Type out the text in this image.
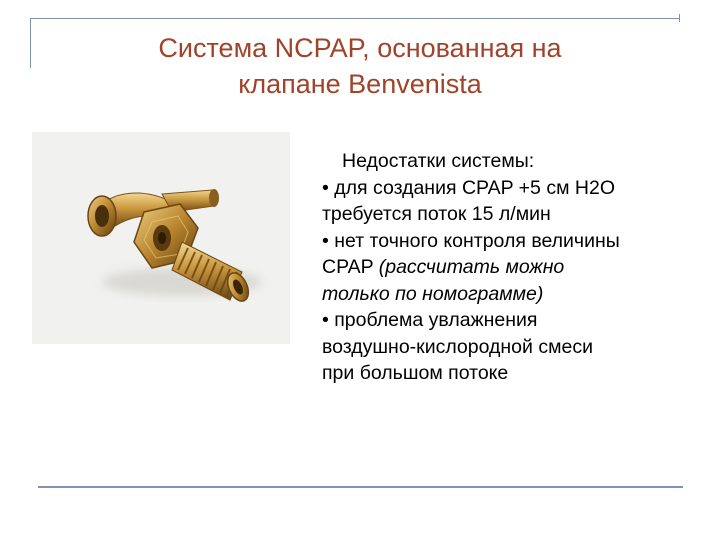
Система NCPAP, основанная на
клапане Benvenista
Недостатки системы:
• для создания CPAP +5 см H2O
требуется поток 15 л/мин
• нет точного контроля величины
CPAP (рассчитать можно
только по номограмме)
• проблема увлажнения
воздушно-кислородной смеси
при большом потоке
